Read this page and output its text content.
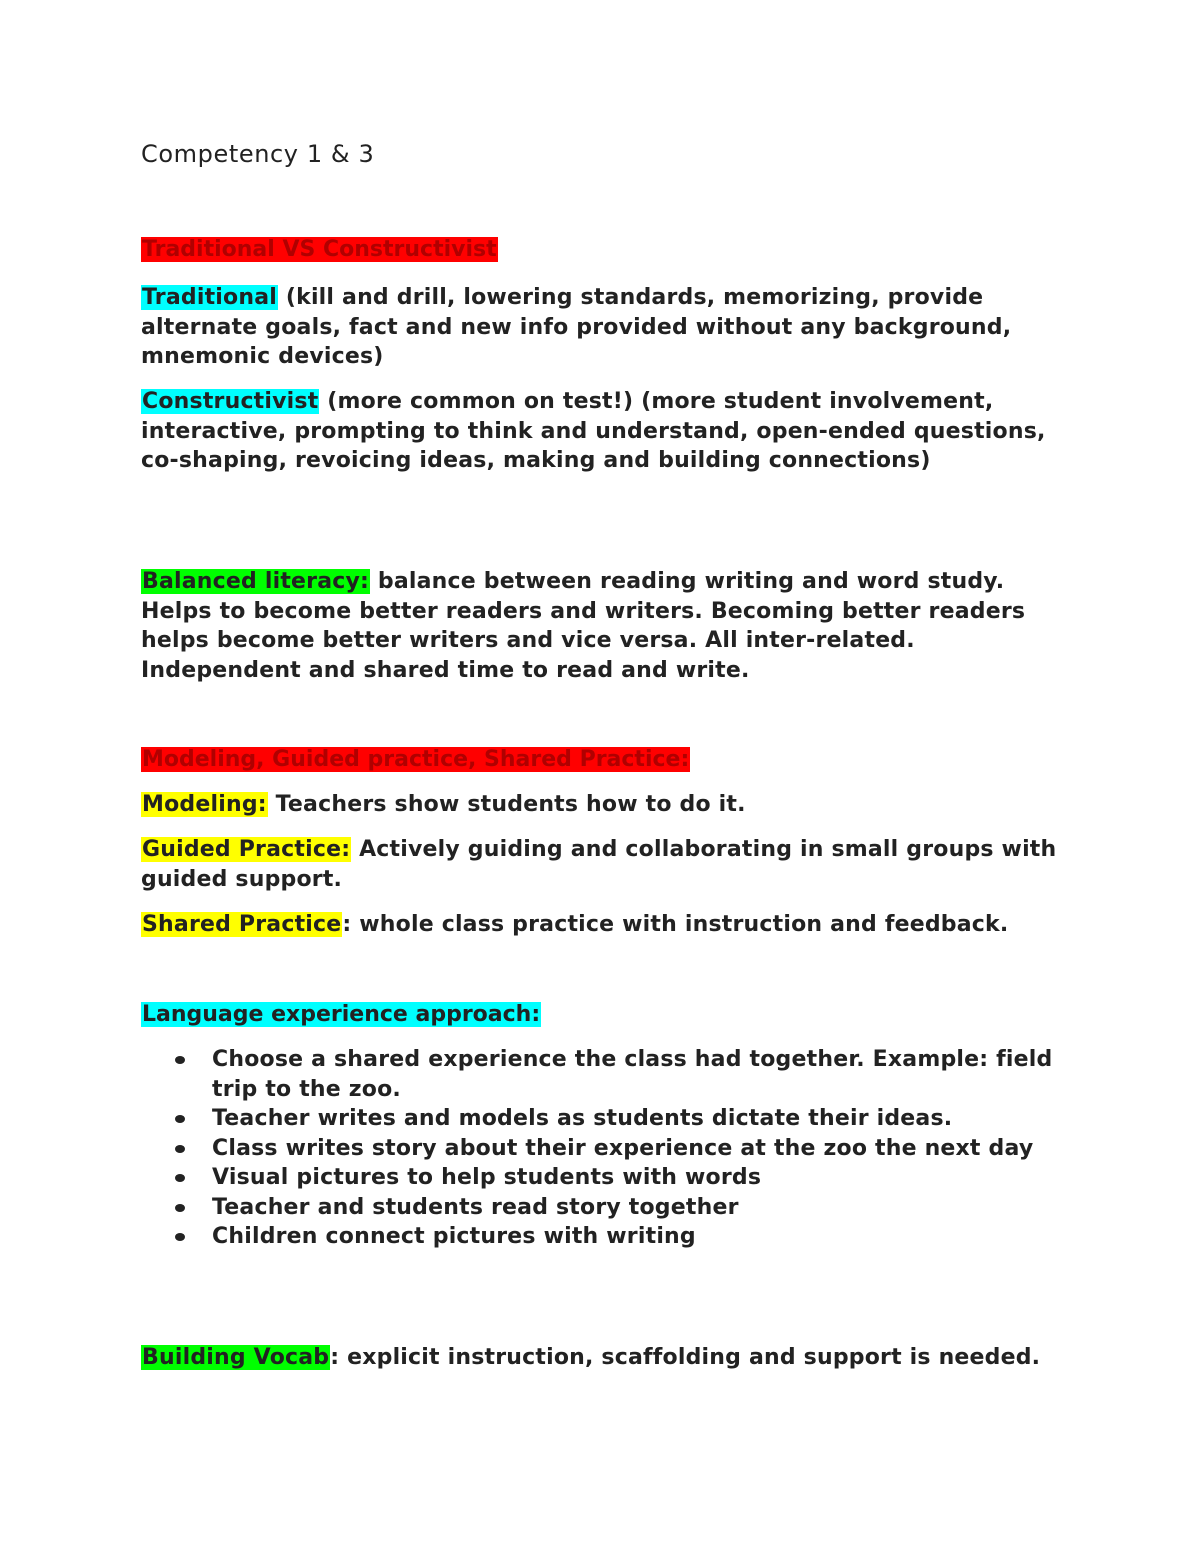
Competency 1 & 3
Traditional VS Constructivist

Traditional (kill and drill, lowering standards, memorizing, provide alternate goals, fact and new info provided without any background, mnemonic devices)

Constructivist (more common on test!) (more student involvement, interactive, prompting to think and understand, open-ended questions, co-shaping, revoicing ideas, making and building connections)

Balanced literacy: balance between reading writing and word study. Helps to become better readers and writers. Becoming better readers helps become better writers and vice versa. All inter-related. Independent and shared time to read and write.

Modeling, Guided practice, Shared Practice:

Modeling: Teachers show students how to do it.

Guided Practice: Actively guiding and collaborating in small groups with guided support.

Shared Practice: whole class practice with instruction and feedback.

Language experience approach:
Choose a shared experience the class had together. Example: field trip to the zoo.
Teacher writes and models as students dictate their ideas.
Class writes story about their experience at the zoo the next day
Visual pictures to help students with words
Teacher and students read story together
Children connect pictures with writing

Building Vocab: explicit instruction, scaffolding and support is needed.
